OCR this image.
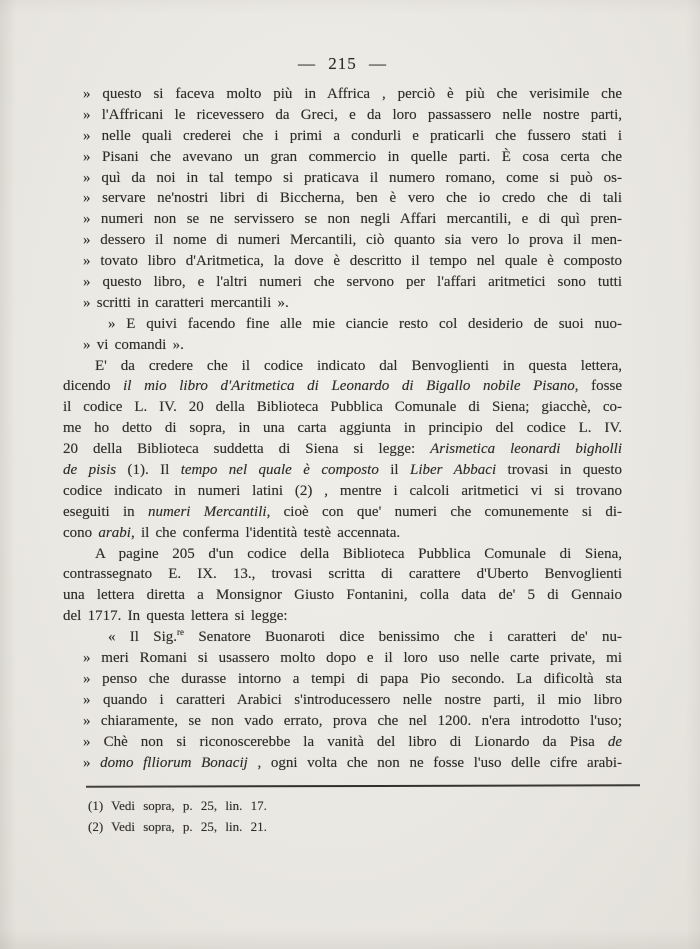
— 215 —
» questo si faceva molto più in Affrica , perciò è più che verisimile che
» l'Affricani le ricevessero da Greci, e da loro passassero nelle nostre parti,
» nelle quali crederei che i primi a condurli e praticarli che fussero stati i
» Pisani che avevano un gran commercio in quelle parti. È cosa certa che
» quì da noi in tal tempo si praticava il numero romano, come si può os-
» servare ne'nostri libri di Biccherna, ben è vero che io credo che di tali
» numeri non se ne servissero se non negli Affari mercantili, e di quì pren-
» dessero il nome di numeri Mercantili, ciò quanto sia vero lo prova il men-
» tovato libro d'Aritmetica, la dove è descritto il tempo nel quale è composto
» questo libro, e l'altri numeri che servono per l'affari aritmetici sono tutti
» scritti in caratteri mercantili ».
» E quivi facendo fine alle mie ciancie resto col desiderio de suoi nuo-
» vi comandi ».
E' da credere che il codice indicato dal Benvoglienti in questa lettera,
dicendo il mio libro d'Aritmetica di Leonardo di Bigallo nobile Pisano, fosse
il codice L. IV. 20 della Biblioteca Pubblica Comunale di Siena; giacchè, co-
me ho detto di sopra, in una carta aggiunta in principio del codice L. IV.
20 della Biblioteca suddetta di Siena si legge: Arismetica leonardi bigholli
de pisis (1). Il tempo nel quale è composto il Liber Abbaci trovasi in questo
codice indicato in numeri latini (2) , mentre i calcoli aritmetici vi si trovano
eseguiti in numeri Mercantili, cioè con que' numeri che comunemente si di-
cono arabi, il che conferma l'identità testè accennata.
A pagine 205 d'un codice della Biblioteca Pubblica Comunale di Siena,
contrassegnato E. IX. 13., trovasi scritta di carattere d'Uberto Benvoglienti
una lettera diretta a Monsignor Giusto Fontanini, colla data de' 5 di Gennaio
del 1717. In questa lettera si legge:
« Il Sig.$^{re}$ Senatore Buonaroti dice benissimo che i caratteri de' nu-
» meri Romani si usassero molto dopo e il loro uso nelle carte private, mi
» penso che durasse intorno a tempi di papa Pio secondo. La dificoltà sta
» quando i caratteri Arabici s'introducessero nelle nostre parti, il mio libro
» chiaramente, se non vado errato, prova che nel 1200. n'era introdotto l'uso;
» Chè non si riconoscerebbe la vanità del libro di Lionardo da Pisa de
» domo flliorum Bonacij , ogni volta che non ne fosse l'uso delle cifre arabi-
(1) Vedi sopra, p. 25, lin. 17.
(2) Vedi sopra, p. 25, lin. 21.
